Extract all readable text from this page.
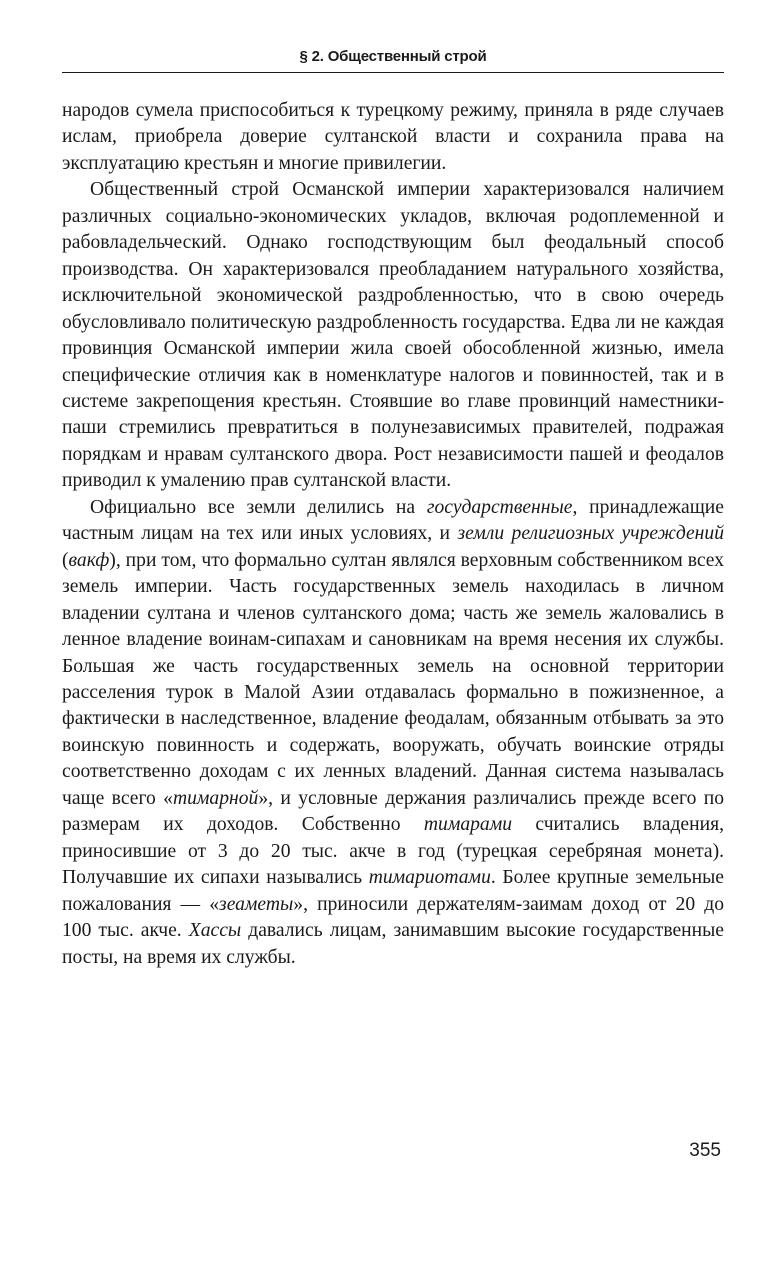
§ 2. Общественный строй

народов сумела приспособиться к турецкому режиму, приняла в ряде случаев ислам, приобрела доверие султанской власти и сохранила права на эксплуатацию крестьян и многие привилегии.

Общественный строй Османской империи характеризовался наличием различных социально-экономических укладов, включая родоплеменной и рабовладельческий. Однако господствующим был феодальный способ производства. Он характеризовался преобладанием натурального хозяйства, исключительной экономической раздробленностью, что в свою очередь обусловливало политическую раздробленность государства. Едва ли не каждая провинция Османской империи жила своей обособленной жизнью, имела специфические отличия как в номенклатуре налогов и повинностей, так и в системе закрепощения крестьян. Стоявшие во главе провинций наместники-паши стремились превратиться в полунезависимых правителей, подражая порядкам и нравам султанского двора. Рост независимости пашей и феодалов приводил к умалению прав султанской власти.

Официально все земли делились на государственные, принадлежащие частным лицам на тех или иных условиях, и земли религиозных учреждений (вакф), при том, что формально султан являлся верховным собственником всех земель империи. Часть государственных земель находилась в личном владении султана и членов султанского дома; часть же земель жаловались в ленное владение воинам-сипахам и сановникам на время несения их службы. Большая же часть государственных земель на основной территории расселения турок в Малой Азии отдавалась формально в пожизненное, а фактически в наследственное, владение феодалам, обязанным отбывать за это воинскую повинность и содержать, вооружать, обучать воинские отряды соответственно доходам с их ленных владений. Данная система называлась чаще всего «тимарной», и условные держания различались прежде всего по размерам их доходов. Собственно тимарами считались владения, приносившие от 3 до 20 тыс. акче в год (турецкая серебряная монета). Получавшие их сипахи назывались тимариотами. Более крупные земельные пожалования — «зеаметы», приносили держателям-заимам доход от 20 до 100 тыс. акче. Хассы давались лицам, занимавшим высокие государственные посты, на время их службы.

355
